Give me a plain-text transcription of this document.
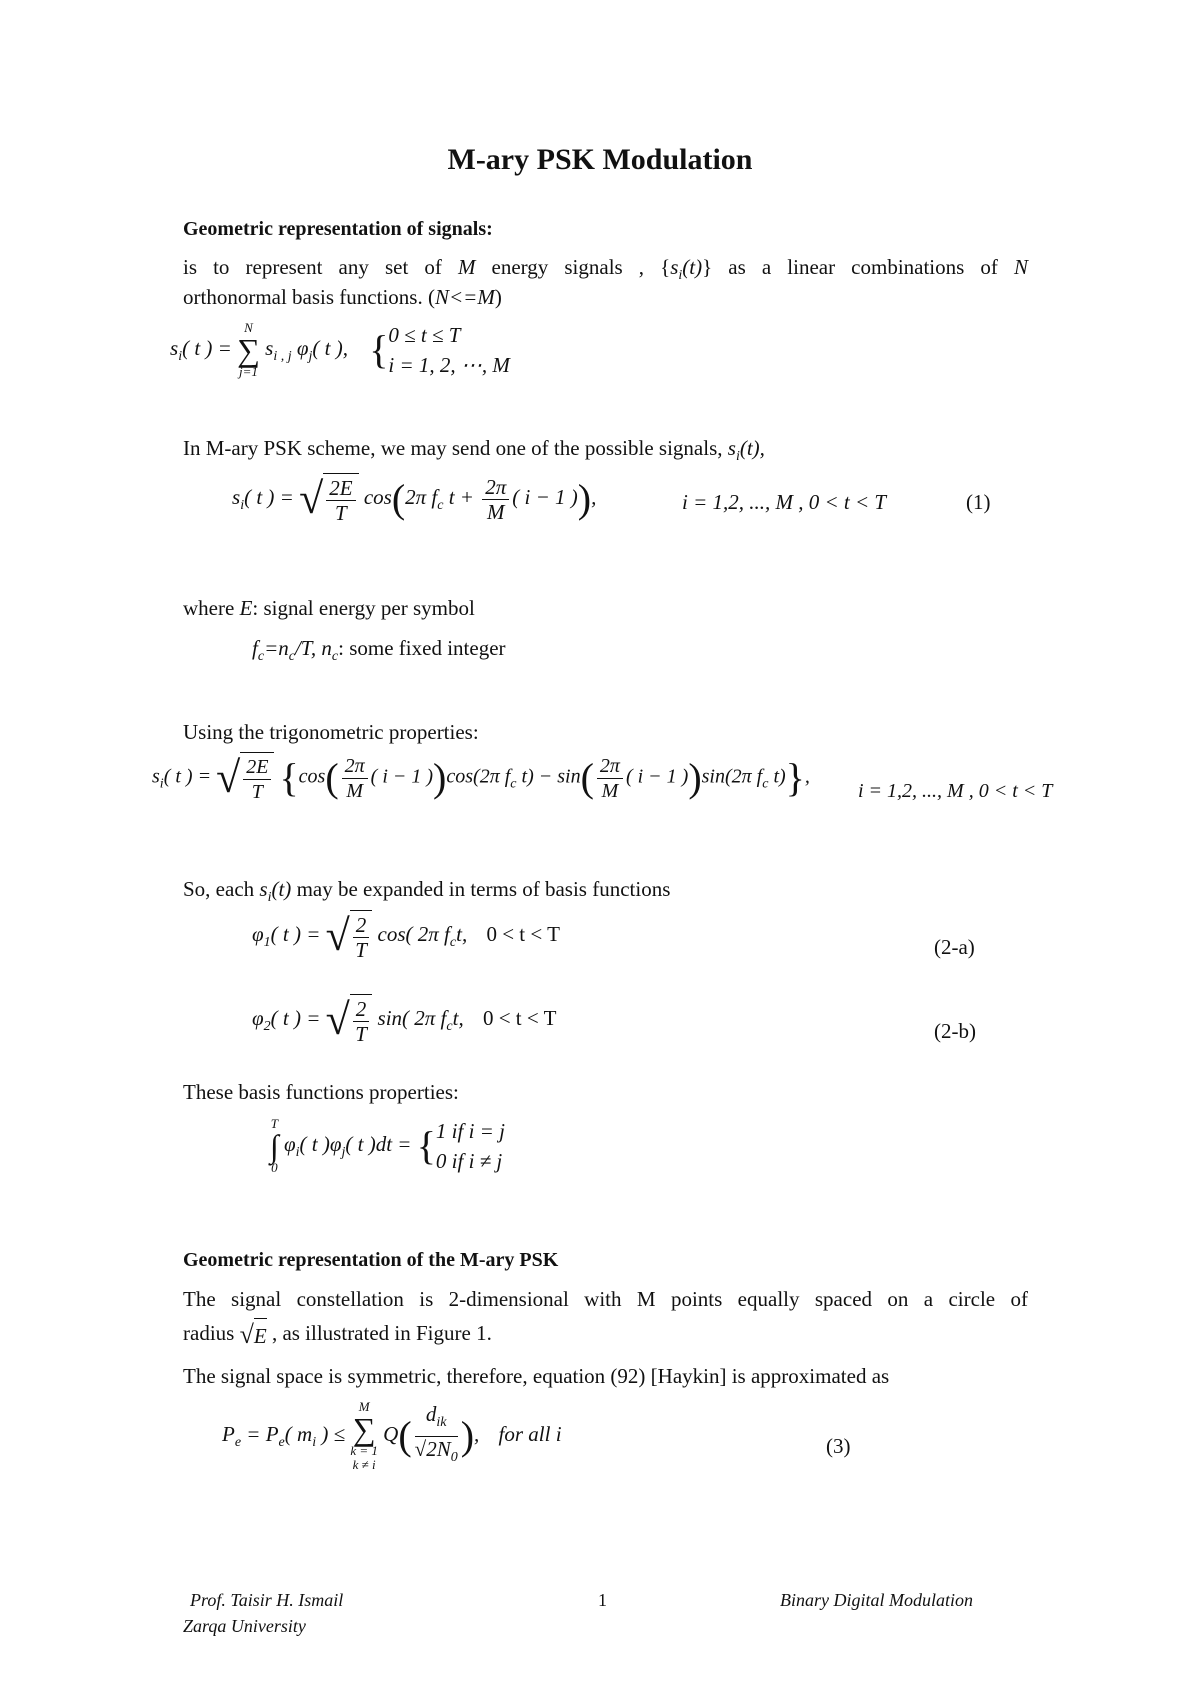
M-ary PSK Modulation
Geometric representation of signals:
is to represent any set of M energy signals , $\{s_i(t)\}$ as a linear combinations of N
orthonormal basis functions. (N<=M)
$s_i$( t ) =
N
∑
j=1
$s_{i , j}$ $\varphi_j$( t ), { 0 ≤ t ≤ T
i = 1, 2, ⋯, M
In M-ary PSK scheme, we may send one of the possible signals, $s_i(t)$,
$s_i$( t ) = √ $\frac{2E}{T} \cos(2\pi$ $f_c$ $t + \frac{2\pi}{M}$ ( i − 1 )),	i = 1,2, ..., M , 0 < t < T	(1)
where E: signal energy per symbol
$f_c=n_c/T$, $n_c$: some fixed integer
Using the trigonometric properties:
$s_i$( t ) = √ $\frac{2E}{T} \{\cos( \frac{2\pi}{M}$ ( i − 1 ))cos(2π $f_c$ $t) - \sin( \frac{2\pi}{M}$ ( i − 1 ))sin(2π $f_c$ t)},
i = 1,2, ..., M , 0 < t < T
So, each $s_i(t)$ may be expanded in terms of basis functions
$\varphi_1$( t ) = √ $\frac{2}{T} \cos$( 2π $f_ct$, 0 < t < T
(2-a)
$\varphi_2$( t ) = √ $\frac{2}{T} \sin$( 2π $f_ct$, 0 < t < T
(2-b)
These basis functions properties:
T
∫
0
$\varphi_i$( t )$\varphi_j$( t )dt = { 1 if i = j
0 if i ≠ j
Geometric representation of the M-ary PSK
The signal constellation is 2-dimensional with M points equally spaced on a circle of
radius √E , as illustrated in Figure 1.
The signal space is symmetric, therefore, equation (92) [Haykin] is approximated as
$P_e = P_e$( $m_i$ ) ≤
M
∑
k = 1
k ≠ i
$Q( \frac{d_{ik}}{√2N_0}$ ), for all i
(3)
Prof. Taisir H. Ismail
Zarqa University
1	Binary Digital Modulation
